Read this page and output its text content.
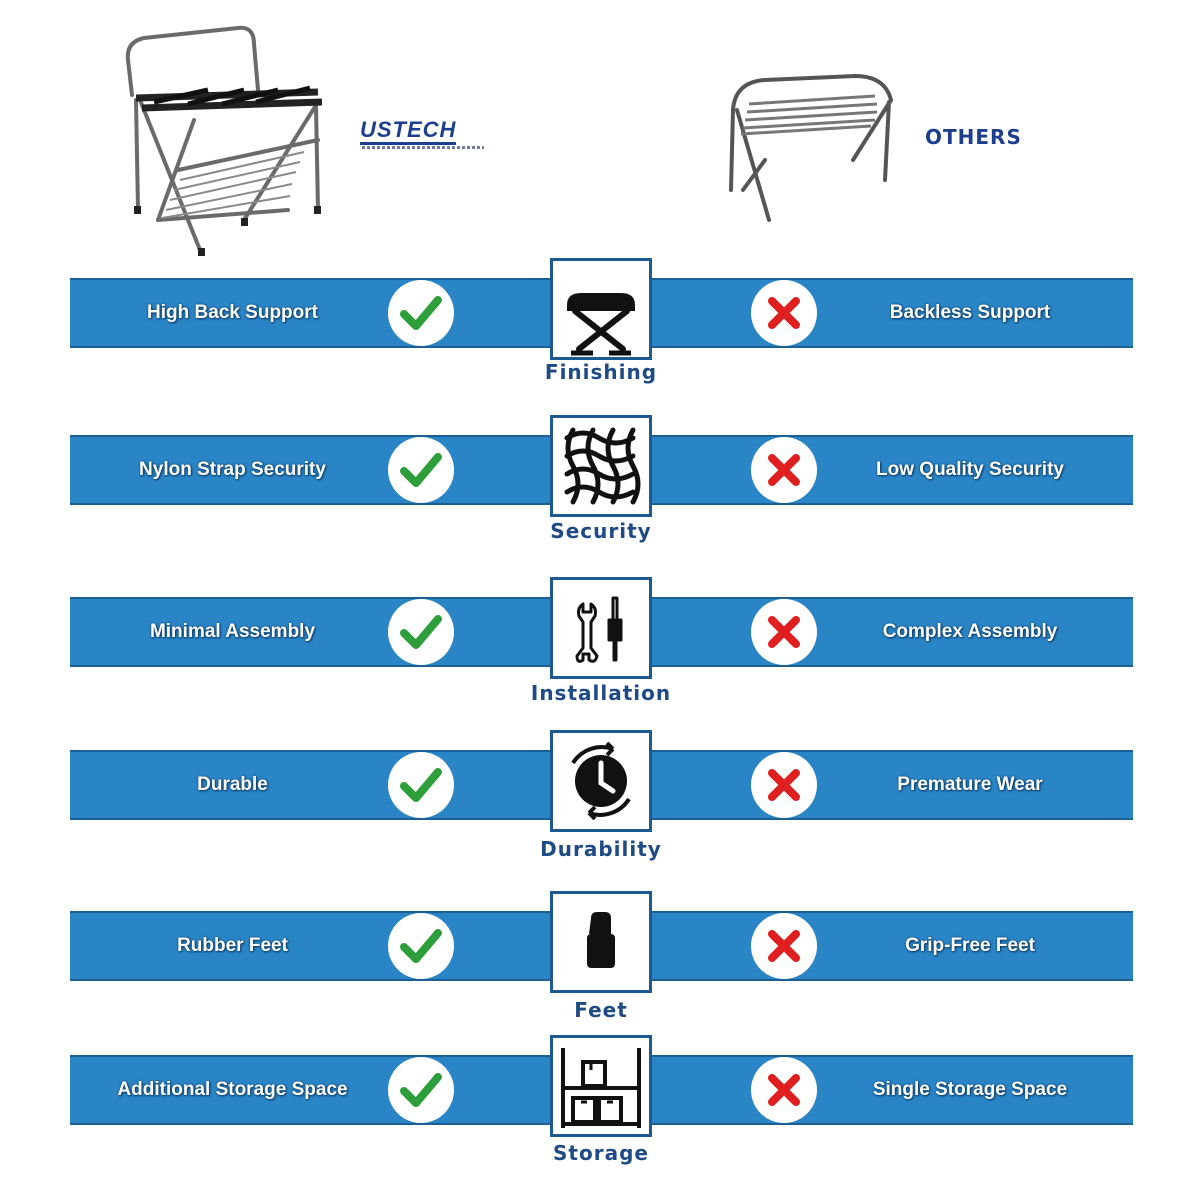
USTECH	OTHERS
High Back Support
Finishing
Backless Support
Nylon Strap Security
Security
Low Quality Security
Minimal Assembly
Installation
Complex Assembly
Durable
Durability
Premature Wear
Rubber Feet
Feet
Grip-Free Feet
Additional Storage Space
Storage
Single Storage Space
